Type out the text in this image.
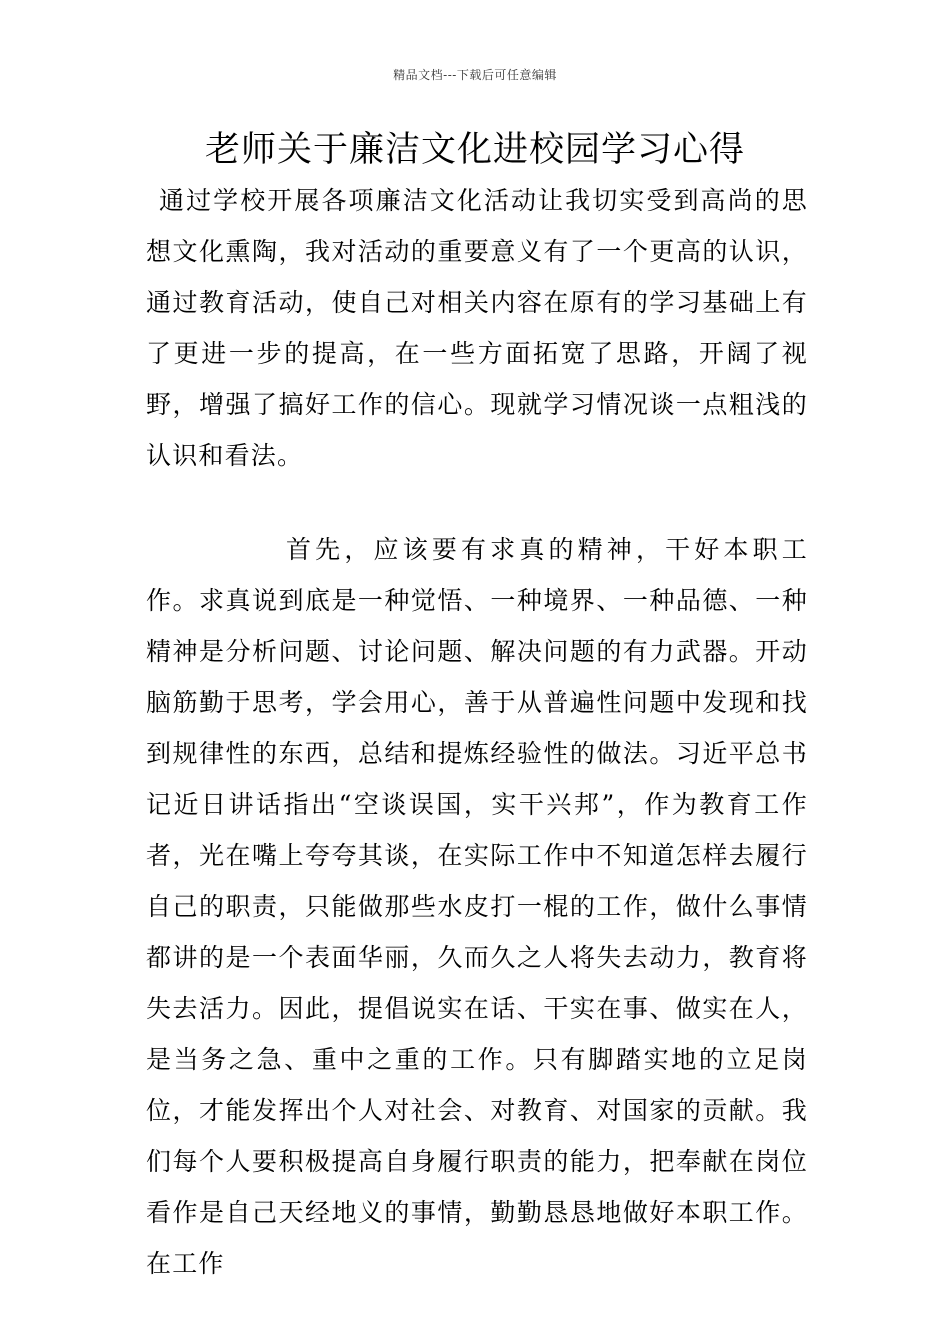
精品文档---下载后可任意编辑
老师关于廉洁文化进校园学习心得

通过学校开展各项廉洁文化活动让我切实受到高尚的思想文化熏陶，我对活动的重要意义有了一个更高的认识，通过教育活动，使自己对相关内容在原有的学习基础上有了更进一步的提高，在一些方面拓宽了思路，开阔了视野，增强了搞好工作的信心。现就学习情况谈一点粗浅的认识和看法。

首先，应该要有求真的精神，干好本职工作。求真说到底是一种觉悟、一种境界、一种品德、一种精神是分析问题、讨论问题、解决问题的有力武器。开动脑筋勤于思考，学会用心，善于从普遍性问题中发现和找到规律性的东西，总结和提炼经验性的做法。习近平总书记近日讲话指出“空谈误国，实干兴邦”，作为教育工作者，光在嘴上夸夸其谈，在实际工作中不知道怎样去履行自己的职责，只能做那些水皮打一棍的工作，做什么事情都讲的是一个表面华丽，久而久之人将失去动力，教育将失去活力。因此，提倡说实在话、干实在事、做实在人，是当务之急、重中之重的工作。只有脚踏实地的立足岗位，才能发挥出个人对社会、对教育、对国家的贡献。我们每个人要积极提高自身履行职责的能力，把奉献在岗位看作是自己天经地义的事情，勤勤恳恳地做好本职工作。在工作
